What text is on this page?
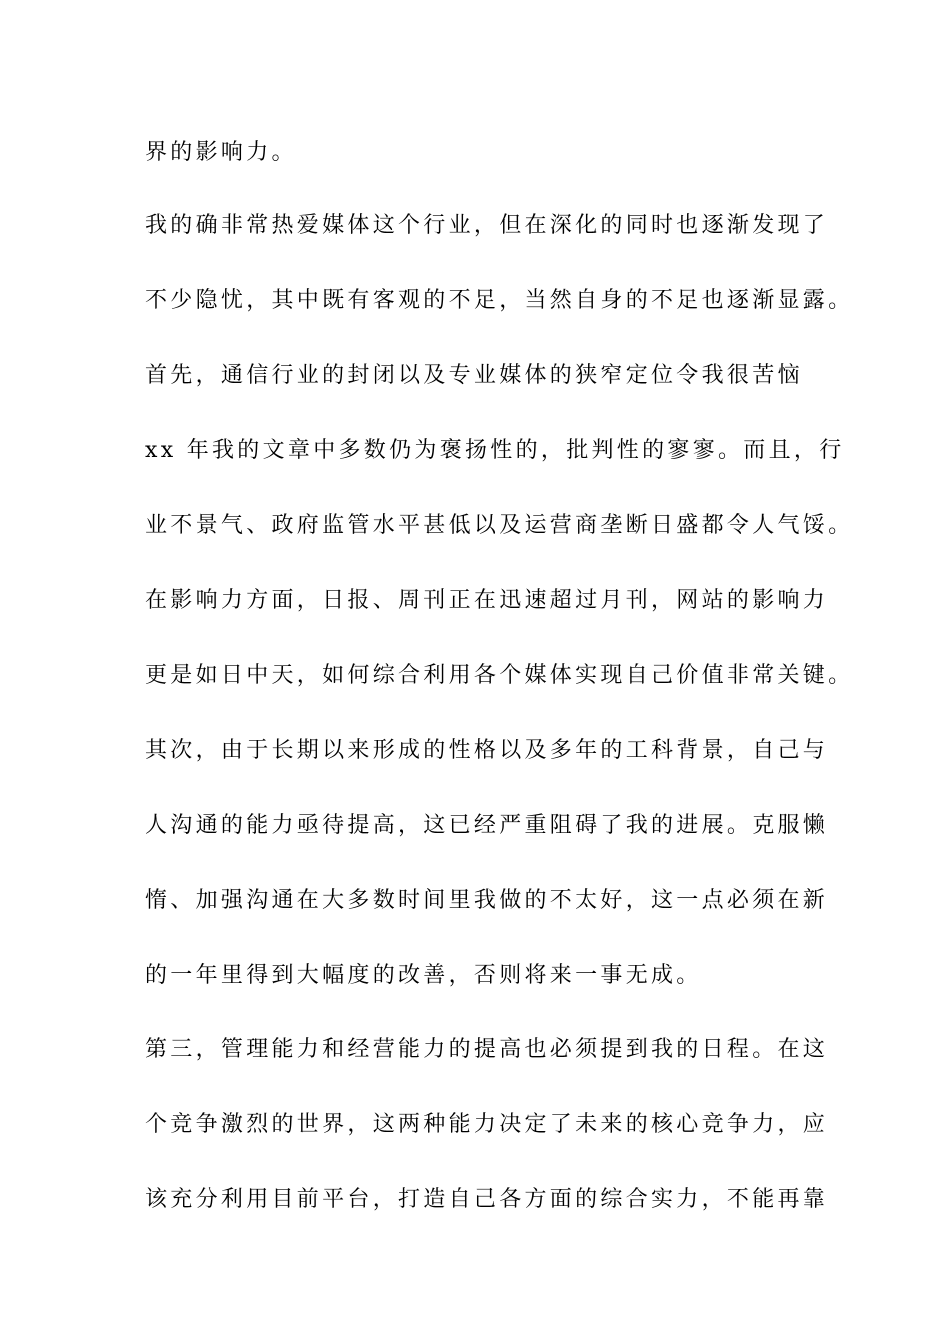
界的影响力。
我的确非常热爱媒体这个行业，但在深化的同时也逐渐发现了
不少隐忧，其中既有客观的不足，当然自身的不足也逐渐显露。
首先，通信行业的封闭以及专业媒体的狭窄定位令我很苦恼
xx 年我的文章中多数仍为褒扬性的，批判性的寥寥。而且，行
业不景气、政府监管水平甚低以及运营商垄断日盛都令人气馁。
在影响力方面，日报、周刊正在迅速超过月刊，网站的影响力
更是如日中天，如何综合利用各个媒体实现自己价值非常关键。
其次，由于长期以来形成的性格以及多年的工科背景，自己与
人沟通的能力亟待提高，这已经严重阻碍了我的进展。克服懒
惰、加强沟通在大多数时间里我做的不太好，这一点必须在新
的一年里得到大幅度的改善，否则将来一事无成。
第三，管理能力和经营能力的提高也必须提到我的日程。在这
个竞争激烈的世界，这两种能力决定了未来的核心竞争力，应
该充分利用目前平台，打造自己各方面的综合实力，不能再靠
